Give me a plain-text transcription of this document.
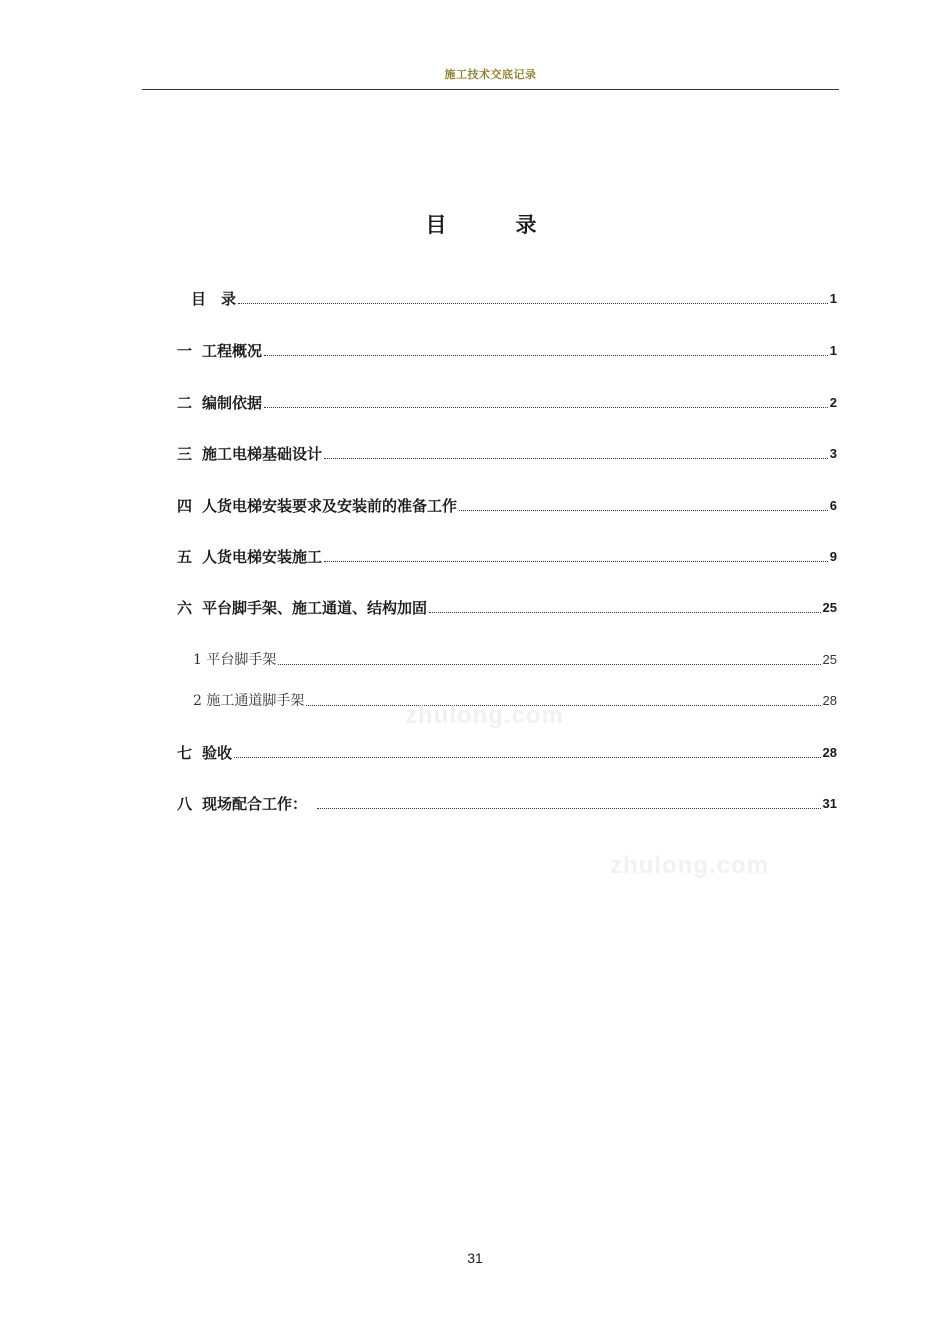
施工技术交底记录
目　录
目　录	1
一 工程概况	1
二 编制依据	2
三 施工电梯基础设计	3
四 人货电梯安装要求及安装前的准备工作	6
五 人货电梯安装施工	9
六 平台脚手架、施工通道、结构加固	25
1 平台脚手架	25
2 施工通道脚手架	28
七 验收	28
八 现场配合工作：	31
zhulong.com
zhulong.com
31
